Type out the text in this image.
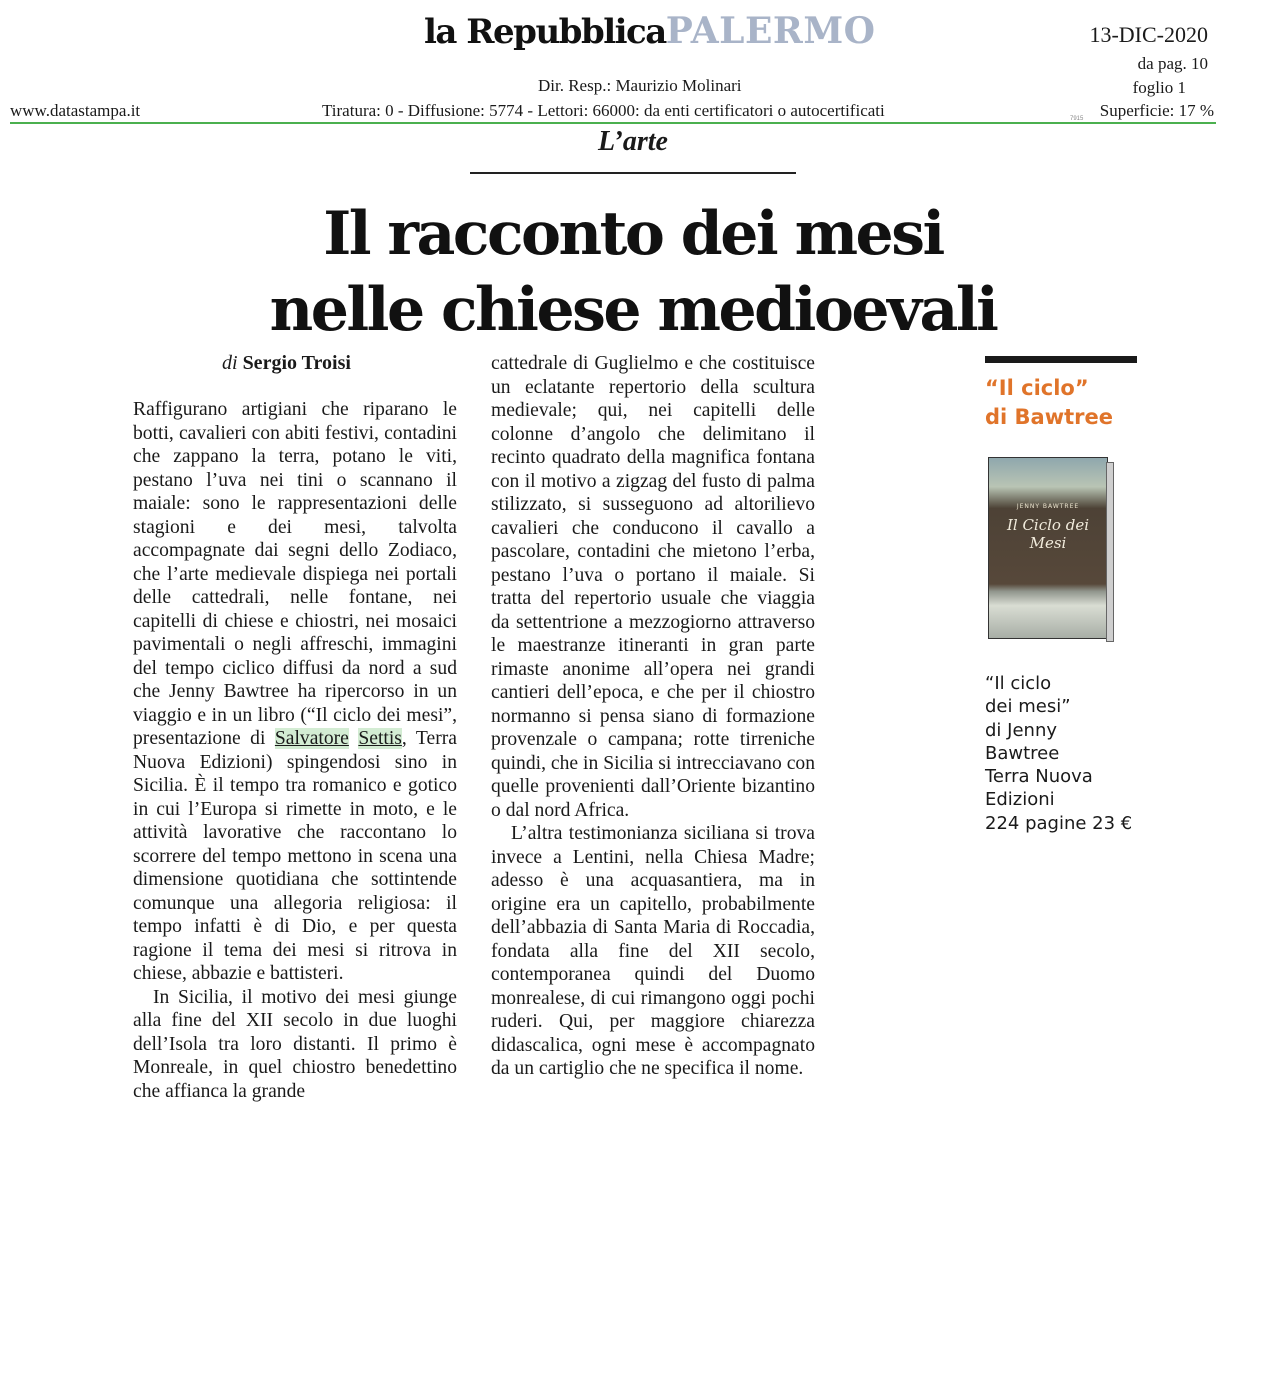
la RepubblicaPALERMO	13-DIC-2020
da pag. 10
foglio 1
Dir. Resp.: Maurizio Molinari
www.datastampa.it	Tiratura: 0 - Diffusione: 5774 - Lettori: 66000: da enti certificatori o autocertificati	Superficie: 17 %
7915
L’arte
Il racconto dei mesi
nelle chiese medioevali
di Sergio Troisi

Raffigurano artigiani che riparano le botti, cavalieri con abiti festivi, contadini che zappano la terra, potano le viti, pestano l’uva nei tini o scannano il maiale: sono le rappresentazioni delle stagioni e dei mesi, talvolta accompagnate dai segni dello Zodiaco, che l’arte medievale dispiega nei portali delle cattedrali, nelle fontane, nei capitelli di chiese e chiostri, nei mosaici pavimentali o negli affreschi, immagini del tempo ciclico diffusi da nord a sud che Jenny Bawtree ha ripercorso in un viaggio e in un libro (“Il ciclo dei mesi”, presentazione di Salvatore Settis, Terra Nuova Edizioni) spingendosi sino in Sicilia. È il tempo tra romanico e gotico in cui l’Europa si rimette in moto, e le attività lavorative che raccontano lo scorrere del tempo mettono in scena una dimensione quotidiana che sottintende comunque una allegoria religiosa: il tempo infatti è di Dio, e per questa ragione il tema dei mesi si ritrova in chiese, abbazie e battisteri.

In Sicilia, il motivo dei mesi giunge alla fine del XII secolo in due luoghi dell’Isola tra loro distanti. Il primo è Monreale, in quel chiostro benedettino che affianca la grande

cattedrale di Guglielmo e che costituisce un eclatante repertorio della scultura medievale; qui, nei capitelli delle colonne d’angolo che delimitano il recinto quadrato della magnifica fontana con il motivo a zigzag del fusto di palma stilizzato, si susseguono ad altorilievo cavalieri che conducono il cavallo a pascolare, contadini che mietono l’erba, pestano l’uva o portano il maiale. Si tratta del repertorio usuale che viaggia da settentrione a mezzogiorno attraverso le maestranze itineranti in gran parte rimaste anonime all’opera nei grandi cantieri dell’epoca, e che per il chiostro normanno si pensa siano di formazione provenzale o campana; rotte tirreniche quindi, che in Sicilia si intrecciavano con quelle provenienti dall’Oriente bizantino o dal nord Africa.

L’altra testimonianza siciliana si trova invece a Lentini, nella Chiesa Madre; adesso è una acquasantiera, ma in origine era un capitello, probabilmente dell’abbazia di Santa Maria di Roccadia, fondata alla fine del XII secolo, contemporanea quindi del Duomo monrealese, di cui rimangono oggi pochi ruderi. Qui, per maggiore chiarezza didascalica, ogni mese è accompagnato da un cartiglio che ne specifica il nome.

“Il ciclo”
di Bawtree
JENNY BAWTREE
Il Ciclo dei Mesi
“Il ciclo
dei mesi”
di Jenny
Bawtree
Terra Nuova
Edizioni
224 pagine 23 €
